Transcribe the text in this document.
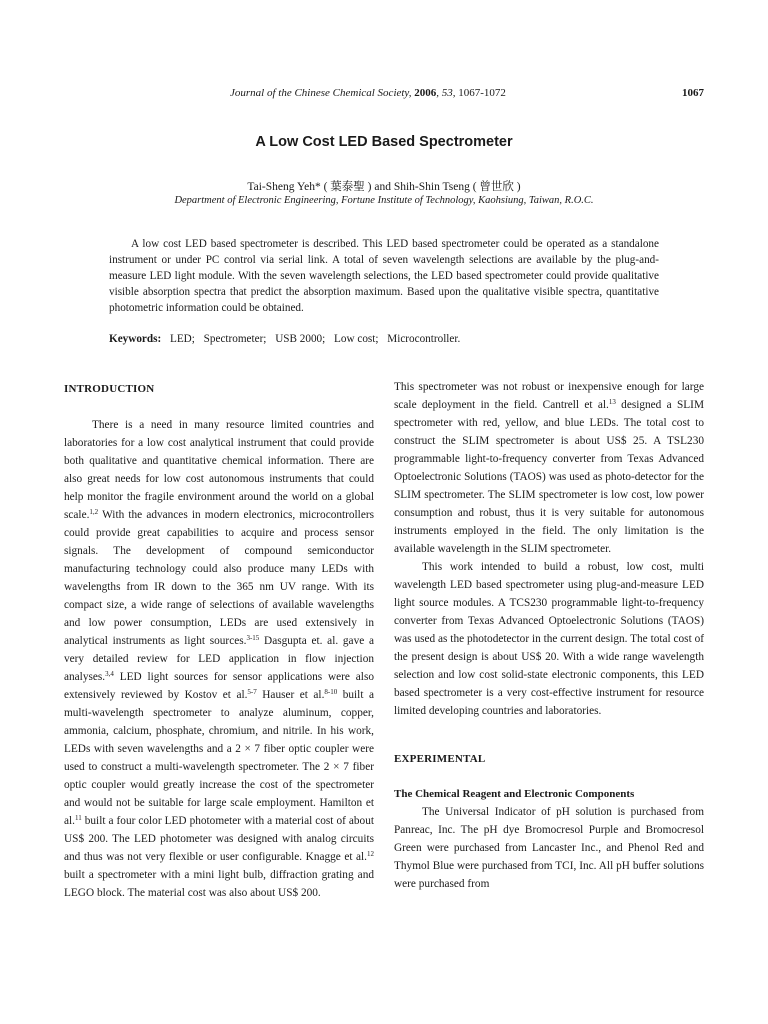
Journal of the Chinese Chemical Society, 2006, 53, 1067-1072	1067
A Low Cost LED Based Spectrometer
Tai-Sheng Yeh* ( 葉泰聖 ) and Shih-Shin Tseng ( 曾世欣 )
Department of Electronic Engineering, Fortune Institute of Technology, Kaohsiung, Taiwan, R.O.C.

A low cost LED based spectrometer is described. This LED based spectrometer could be operated as a standalone instrument or under PC control via serial link. A total of seven wavelength selections are available by the plug-and-measure LED light module. With the seven wavelength selections, the LED based spectrometer could provide qualitative visible absorption spectra that predict the absorption maximum. Based upon the qualitative visible spectra, quantitative photometric information could be obtained.

Keywords: LED; Spectrometer; USB 2000; Low cost; Microcontroller.
INTRODUCTION

There is a need in many resource limited countries and laboratories for a low cost analytical instrument that could provide both qualitative and quantitative chemical information. There are also great needs for low cost autonomous instruments that could help monitor the fragile environment around the world on a global scale.$^{1,2}$ With the advances in modern electronics, microcontrollers could provide great capabilities to acquire and process sensor signals. The development of compound semiconductor manufacturing technology could also produce many LEDs with wavelengths from IR down to the 365 nm UV range. With its compact size, a wide range of selections of available wavelengths and low power consumption, LEDs are used extensively in analytical instruments as light sources.$^{3-15}$ Dasgupta et. al. gave a very detailed review for LED application in flow injection analyses.$^{3,4}$ LED light sources for sensor applications were also extensively reviewed by Kostov et al.$^{5-7}$ Hauser et al.$^{8-10}$ built a multi-wavelength spectrometer to analyze aluminum, copper, ammonia, calcium, phosphate, chromium, and nitrile. In his work, LEDs with seven wavelengths and a 2 × 7 fiber optic coupler were used to construct a multi-wavelength spectrometer. The 2 × 7 fiber optic coupler would greatly increase the cost of the spectrometer and would not be suitable for large scale employment. Hamilton et al.$^{11}$ built a four color LED photometer with a material cost of about US$ 200. The LED photometer was designed with analog circuits and thus was not very flexible or user configurable. Knagge et al.$^{12}$ built a spectrometer with a mini light bulb, diffraction grating and LEGO block. The material cost was also about US$ 200.

This spectrometer was not robust or inexpensive enough for large scale deployment in the field. Cantrell et al.$^{13}$ designed a SLIM spectrometer with red, yellow, and blue LEDs. The total cost to construct the SLIM spectrometer is about US$ 25. A TSL230 programmable light-to-frequency converter from Texas Advanced Optoelectronic Solutions (TAOS) was used as photo-detector for the SLIM spectrometer. The SLIM spectrometer is low cost, low power consumption and robust, thus it is very suitable for autonomous instruments employed in the field. The only limitation is the available wavelength in the SLIM spectrometer.

This work intended to build a robust, low cost, multi wavelength LED based spectrometer using plug-and-measure LED light source modules. A TCS230 programmable light-to-frequency converter from Texas Advanced Optoelectronic Solutions (TAOS) was used as the photodetector in the current design. The total cost of the present design is about US$ 20. With a wide range wavelength selection and low cost solid-state electronic components, this LED based spectrometer is a very cost-effective instrument for resource limited developing countries and laboratories.

EXPERIMENTAL
The Chemical Reagent and Electronic Components

The Universal Indicator of pH solution is purchased from Panreac, Inc. The pH dye Bromocresol Purple and Bromocresol Green were purchased from Lancaster Inc., and Phenol Red and Thymol Blue were purchased from TCI, Inc. All pH buffer solutions were purchased from
